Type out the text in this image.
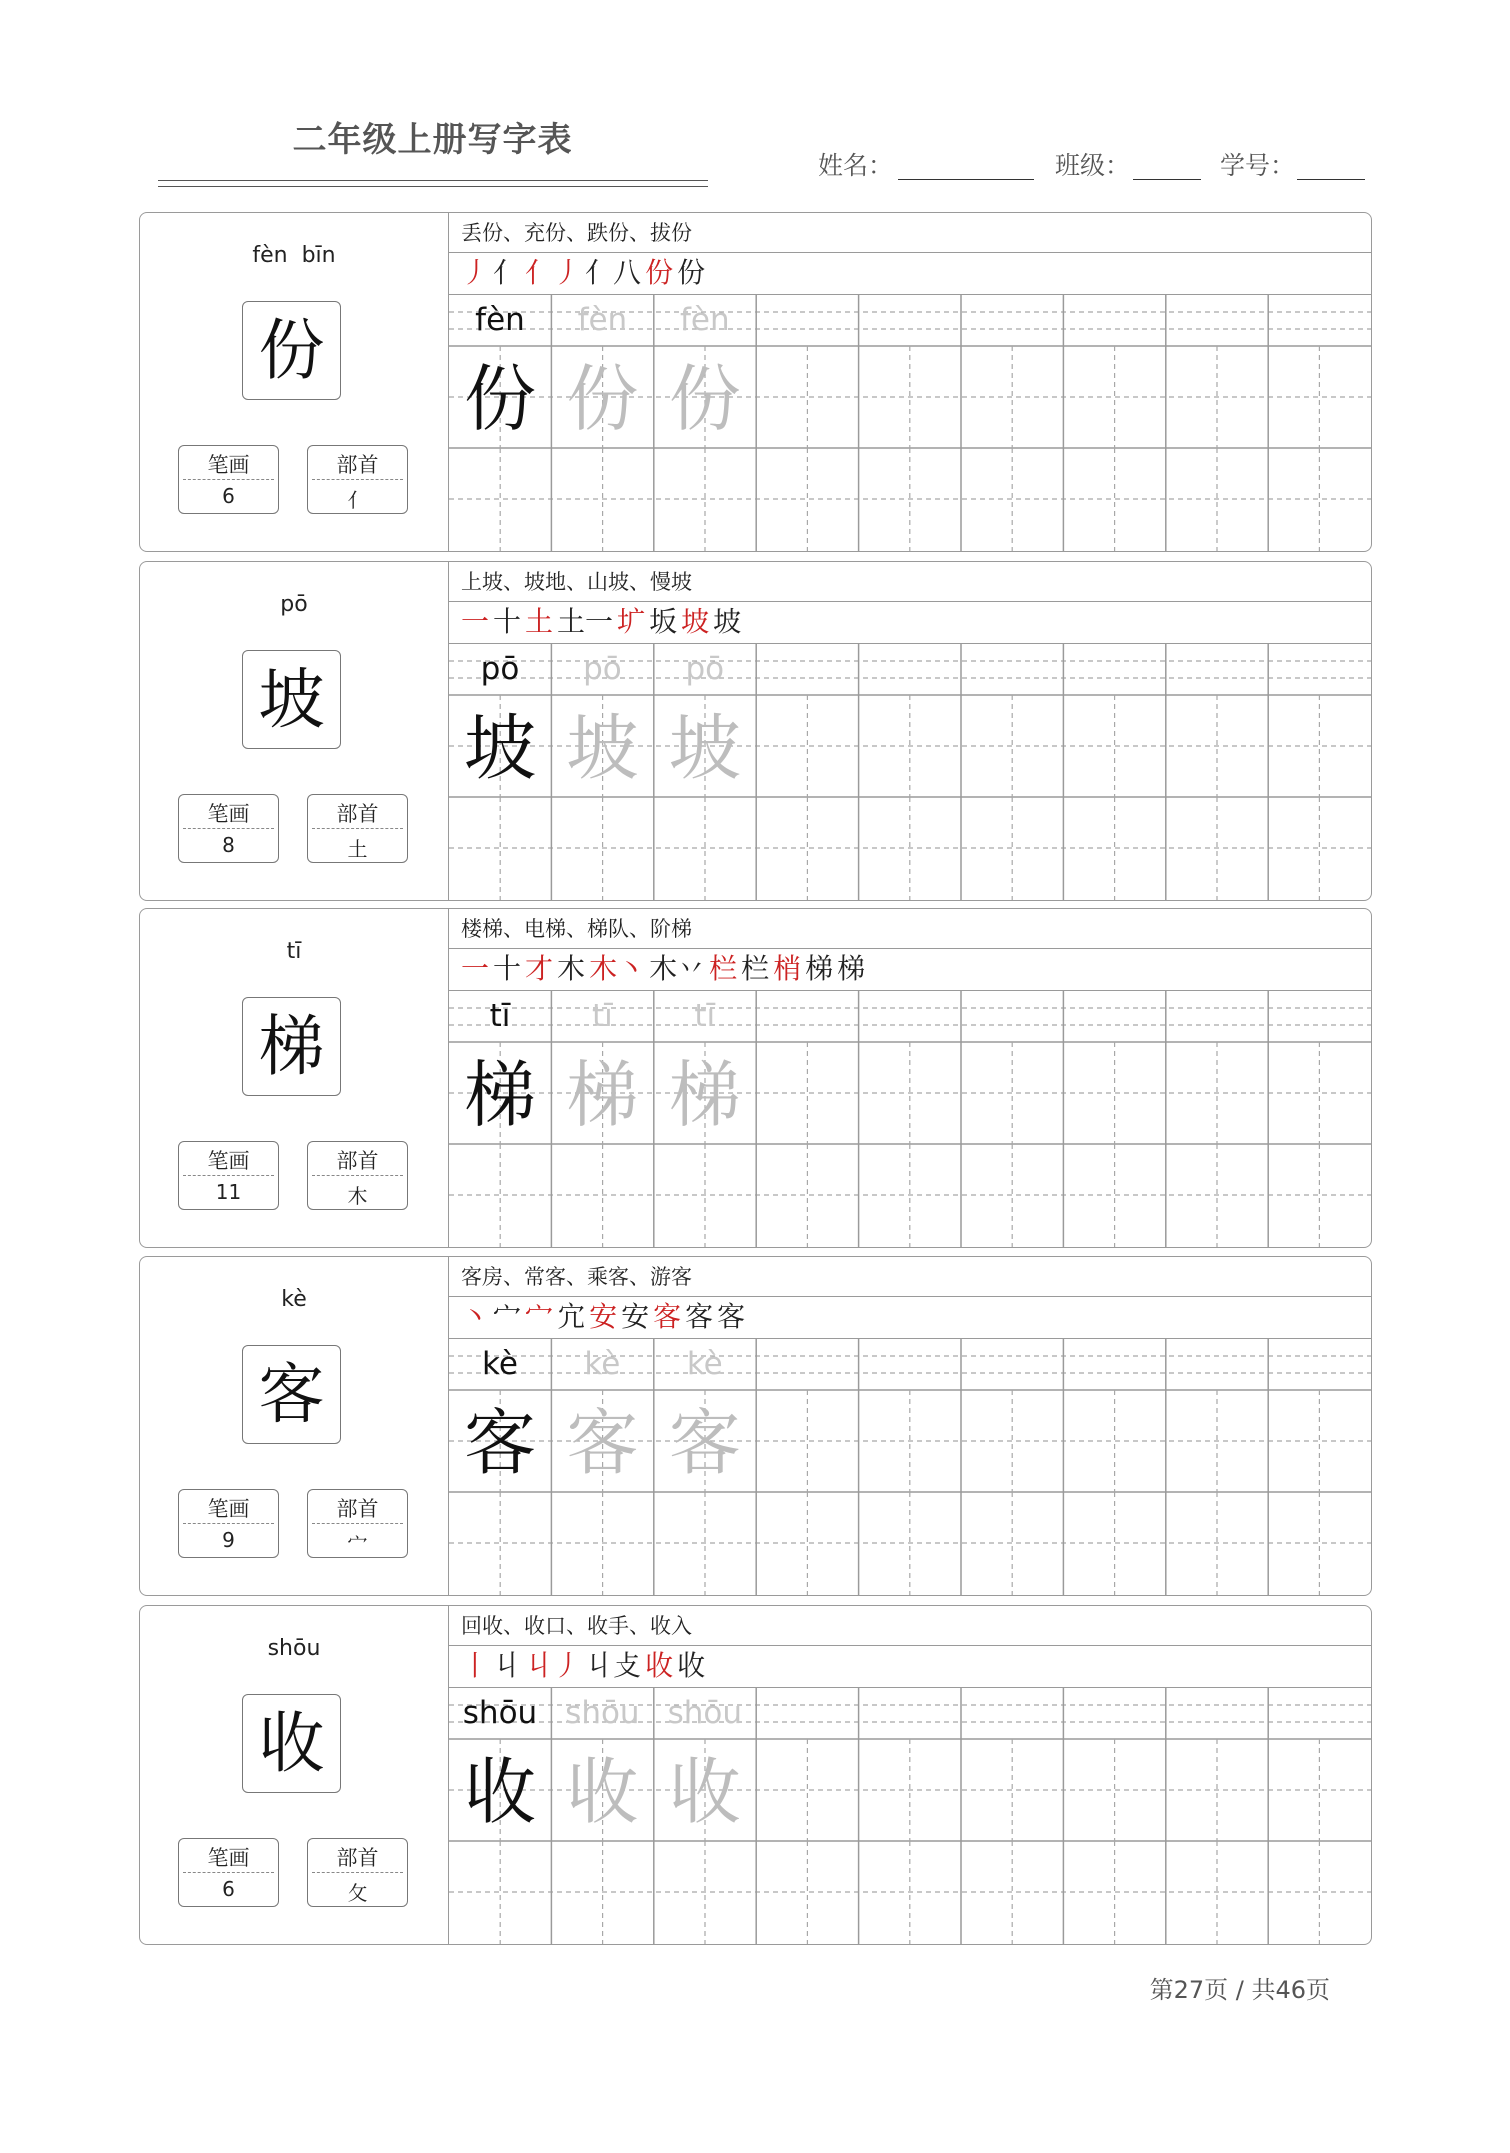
二年级上册写字表
姓名：	班级：	学号：
fèn  bīn
份
笔画
6
部首
亻
丢份、充份、跌份、拔份
丿 亻 亻丿 亻八 份 份
fèn
份
fèn
份
fèn
份
pō
坡
笔画
8
部首
土
上坡、坡地、山坡、慢坡
一 十 土 土一 圹 坂 坡 坡
pō
坡
pō
坡
pō
坡
tī
梯
笔画
11
部首
木
楼梯、电梯、梯队、阶梯
一 十 才 木 木丶 木丷 栏 栏 梢 梯 梯
tī
梯
tī
梯
tī
梯
kè
客
笔画
9
部首
宀
客房、常客、乘客、游客
丶 宀 宀 宂 安 安 客 客 客
kè
客
kè
客
kè
客
shōu
收
笔画
6
部首
攵
回收、收口、收手、收入
丨 丩 丩丿 丩攴 收 收
shōu
收
shōu
收
shōu
收
第27页 / 共46页
